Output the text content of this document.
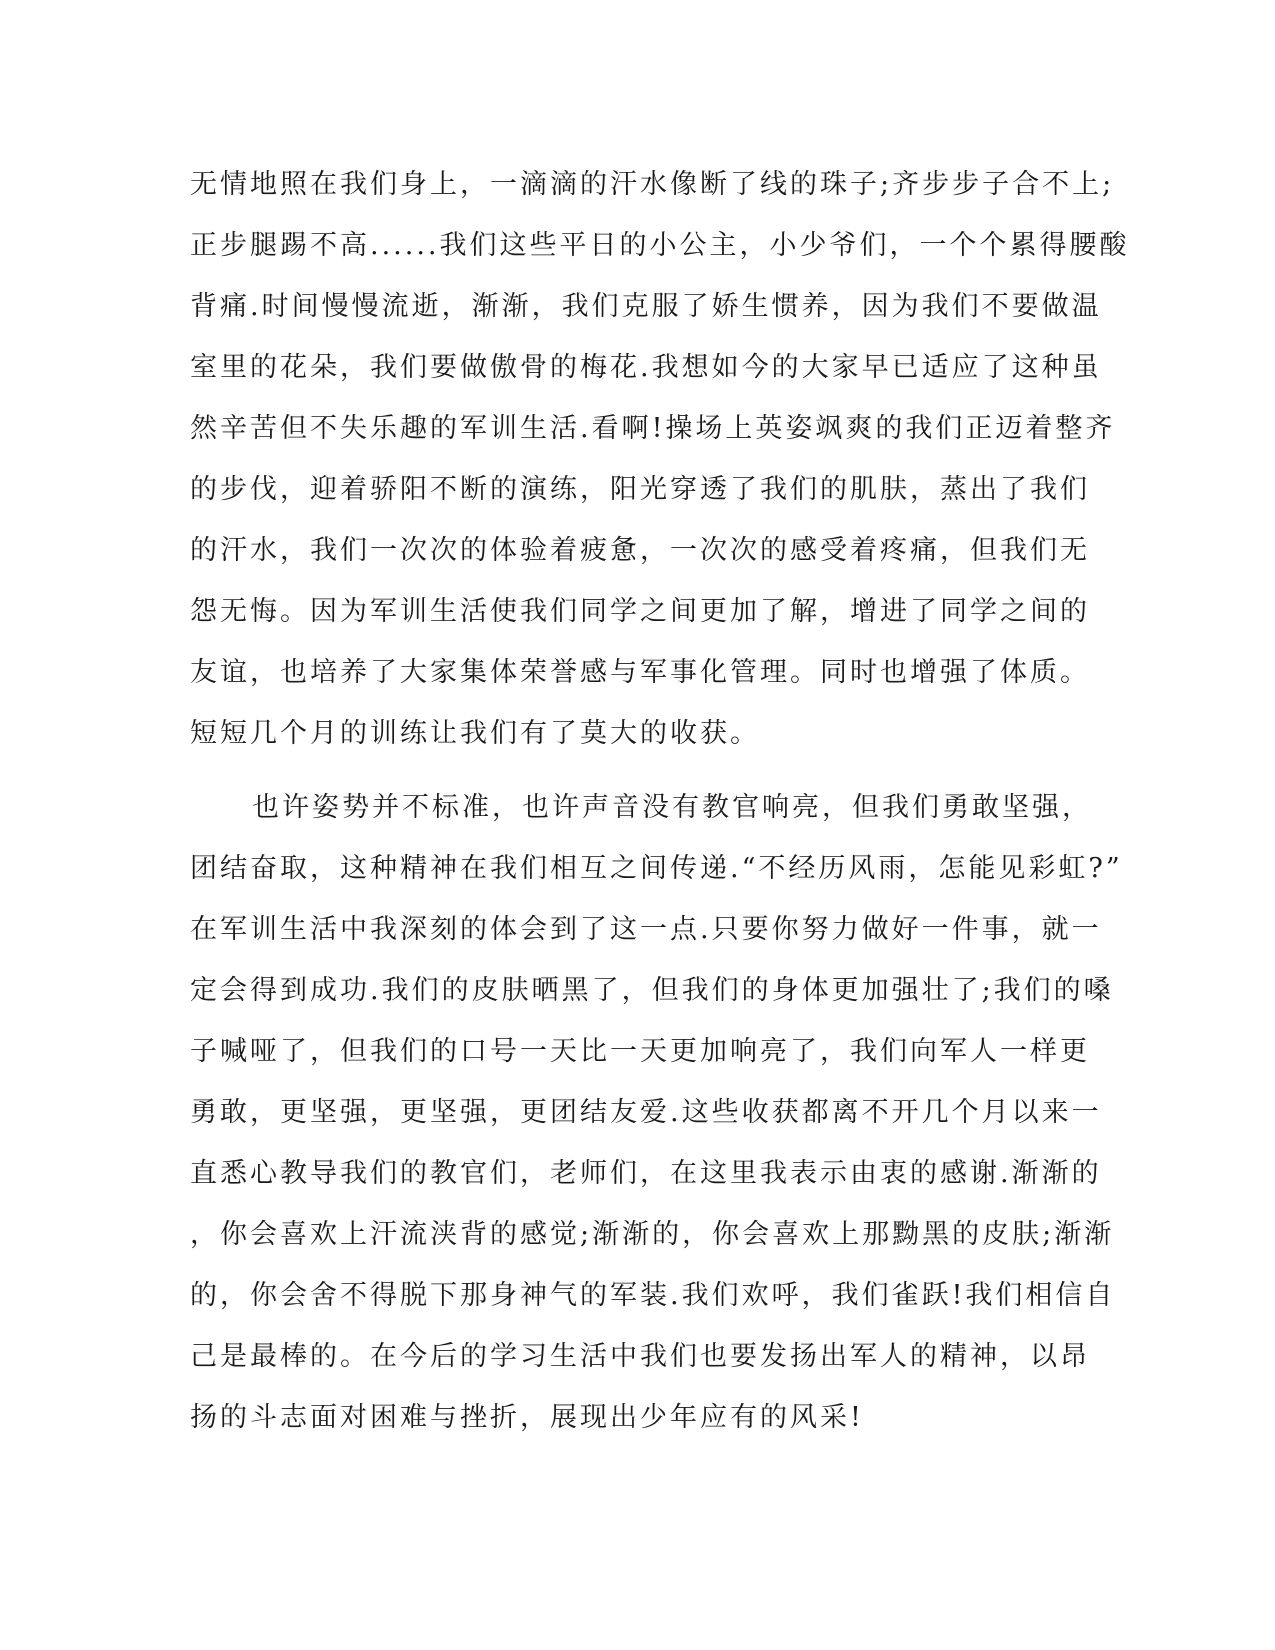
无情地照在我们身上，一滴滴的汗水像断了线的珠子;齐步步子合不上;
正步腿踢不高......我们这些平日的小公主，小少爷们，一个个累得腰酸
背痛.时间慢慢流逝，渐渐，我们克服了娇生惯养，因为我们不要做温
室里的花朵，我们要做傲骨的梅花.我想如今的大家早已适应了这种虽
然辛苦但不失乐趣的军训生活.看啊!操场上英姿飒爽的我们正迈着整齐
的步伐，迎着骄阳不断的演练，阳光穿透了我们的肌肤，蒸出了我们
的汗水，我们一次次的体验着疲惫，一次次的感受着疼痛，但我们无
怨无悔。因为军训生活使我们同学之间更加了解，增进了同学之间的
友谊，也培养了大家集体荣誉感与军事化管理。同时也增强了体质。
短短几个月的训练让我们有了莫大的收获。
也许姿势并不标准，也许声音没有教官响亮，但我们勇敢坚强，
团结奋取，这种精神在我们相互之间传递.“不经历风雨，怎能见彩虹?”
在军训生活中我深刻的体会到了这一点.只要你努力做好一件事，就一
定会得到成功.我们的皮肤晒黑了，但我们的身体更加强壮了;我们的嗓
子喊哑了，但我们的口号一天比一天更加响亮了，我们向军人一样更
勇敢，更坚强，更坚强，更团结友爱.这些收获都离不开几个月以来一
直悉心教导我们的教官们，老师们，在这里我表示由衷的感谢.渐渐的
，你会喜欢上汗流浃背的感觉;渐渐的，你会喜欢上那黝黑的皮肤;渐渐
的，你会舍不得脱下那身神气的军装.我们欢呼，我们雀跃!我们相信自
己是最棒的。在今后的学习生活中我们也要发扬出军人的精神，以昂
扬的斗志面对困难与挫折，展现出少年应有的风采!
